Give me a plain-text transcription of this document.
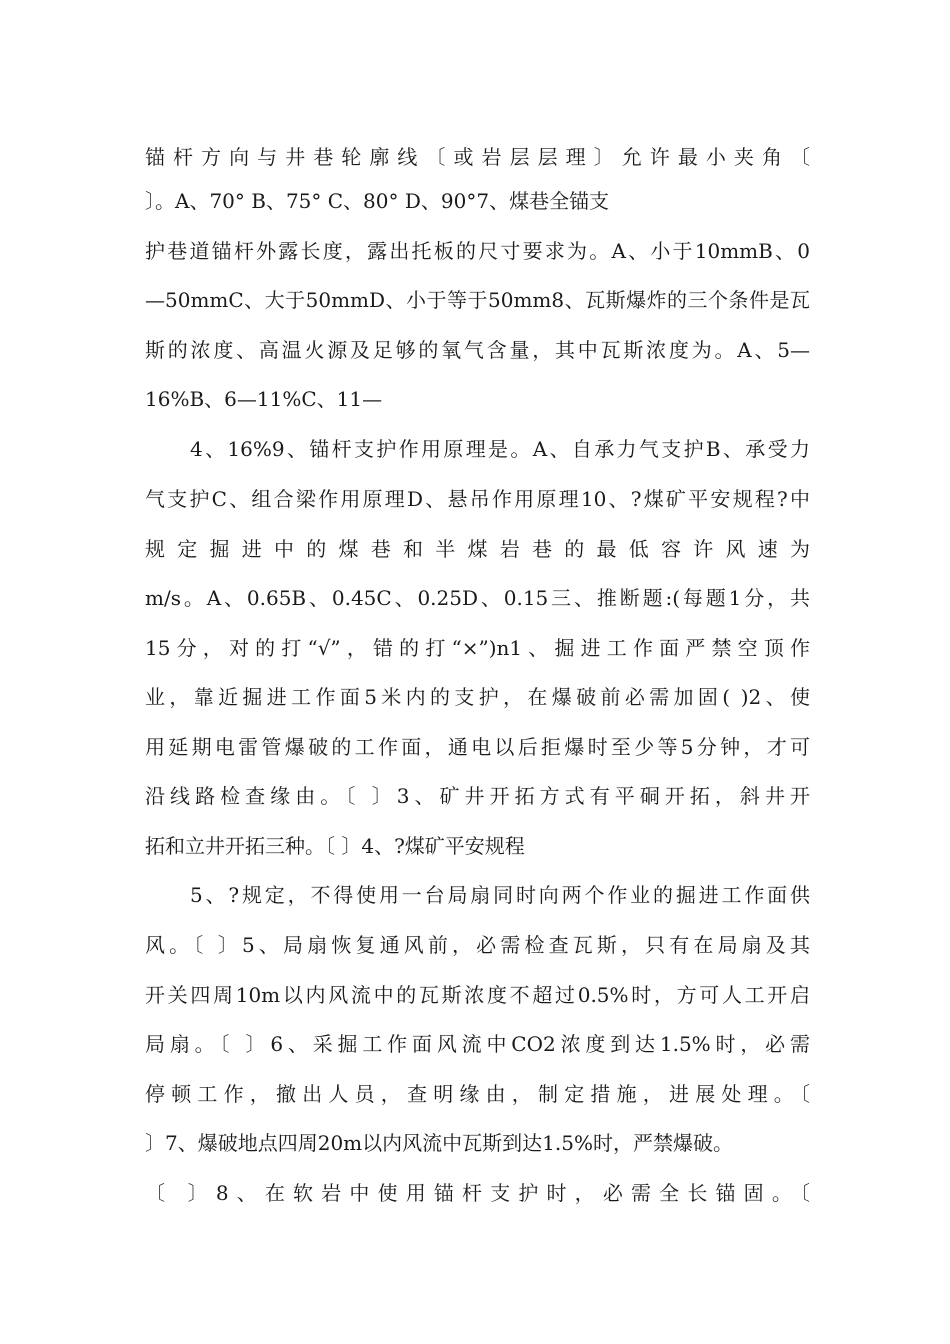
锚杆方向与井巷轮廓线〔或岩层层理〕允许最小夹角〔
〕。A、70° B、75° C、80° D、90°7、煤巷全锚支
护巷道锚杆外露长度，露出托板的尺寸要求为。A、小于10mmB、0
—50mmC、大于50mmD、小于等于50mm8、瓦斯爆炸的三个条件是瓦
斯的浓度、高温火源及足够的氧气含量，其中瓦斯浓度为。A、5—
16%B、6—11%C、11—
4、16%9、锚杆支护作用原理是。A、自承力气支护B、承受力
气支护C、组合梁作用原理D、悬吊作用原理10、?煤矿平安规程?中
规定掘进中的煤巷和半煤岩巷的最低容许风速为
m/s。A、0.65B、0.45C、0.25D、0.15三、推断题:(每题1分，共
15分，对的打“√”，错的打“×”)n1、掘进工作面严禁空顶作
业，靠近掘进工作面5米内的支护，在爆破前必需加固( )2、使
用延期电雷管爆破的工作面，通电以后拒爆时至少等5分钟，才可
沿线路检查缘由。〔 〕3、矿井开拓方式有平硐开拓，斜井开
拓和立井开拓三种。〔 〕4、?煤矿平安规程
5、?规定，不得使用一台局扇同时向两个作业的掘进工作面供
风。〔 〕5、局扇恢复通风前，必需检查瓦斯，只有在局扇及其
开关四周10m以内风流中的瓦斯浓度不超过0.5%时，方可人工开启
局扇。〔 〕6、采掘工作面风流中CO2浓度到达1.5%时，必需
停顿工作，撤出人员，查明缘由，制定措施，进展处理。〔
〕7、爆破地点四周20m以内风流中瓦斯到达1.5%时，严禁爆破。
〔 〕8、在软岩中使用锚杆支护时，必需全长锚固。〔
